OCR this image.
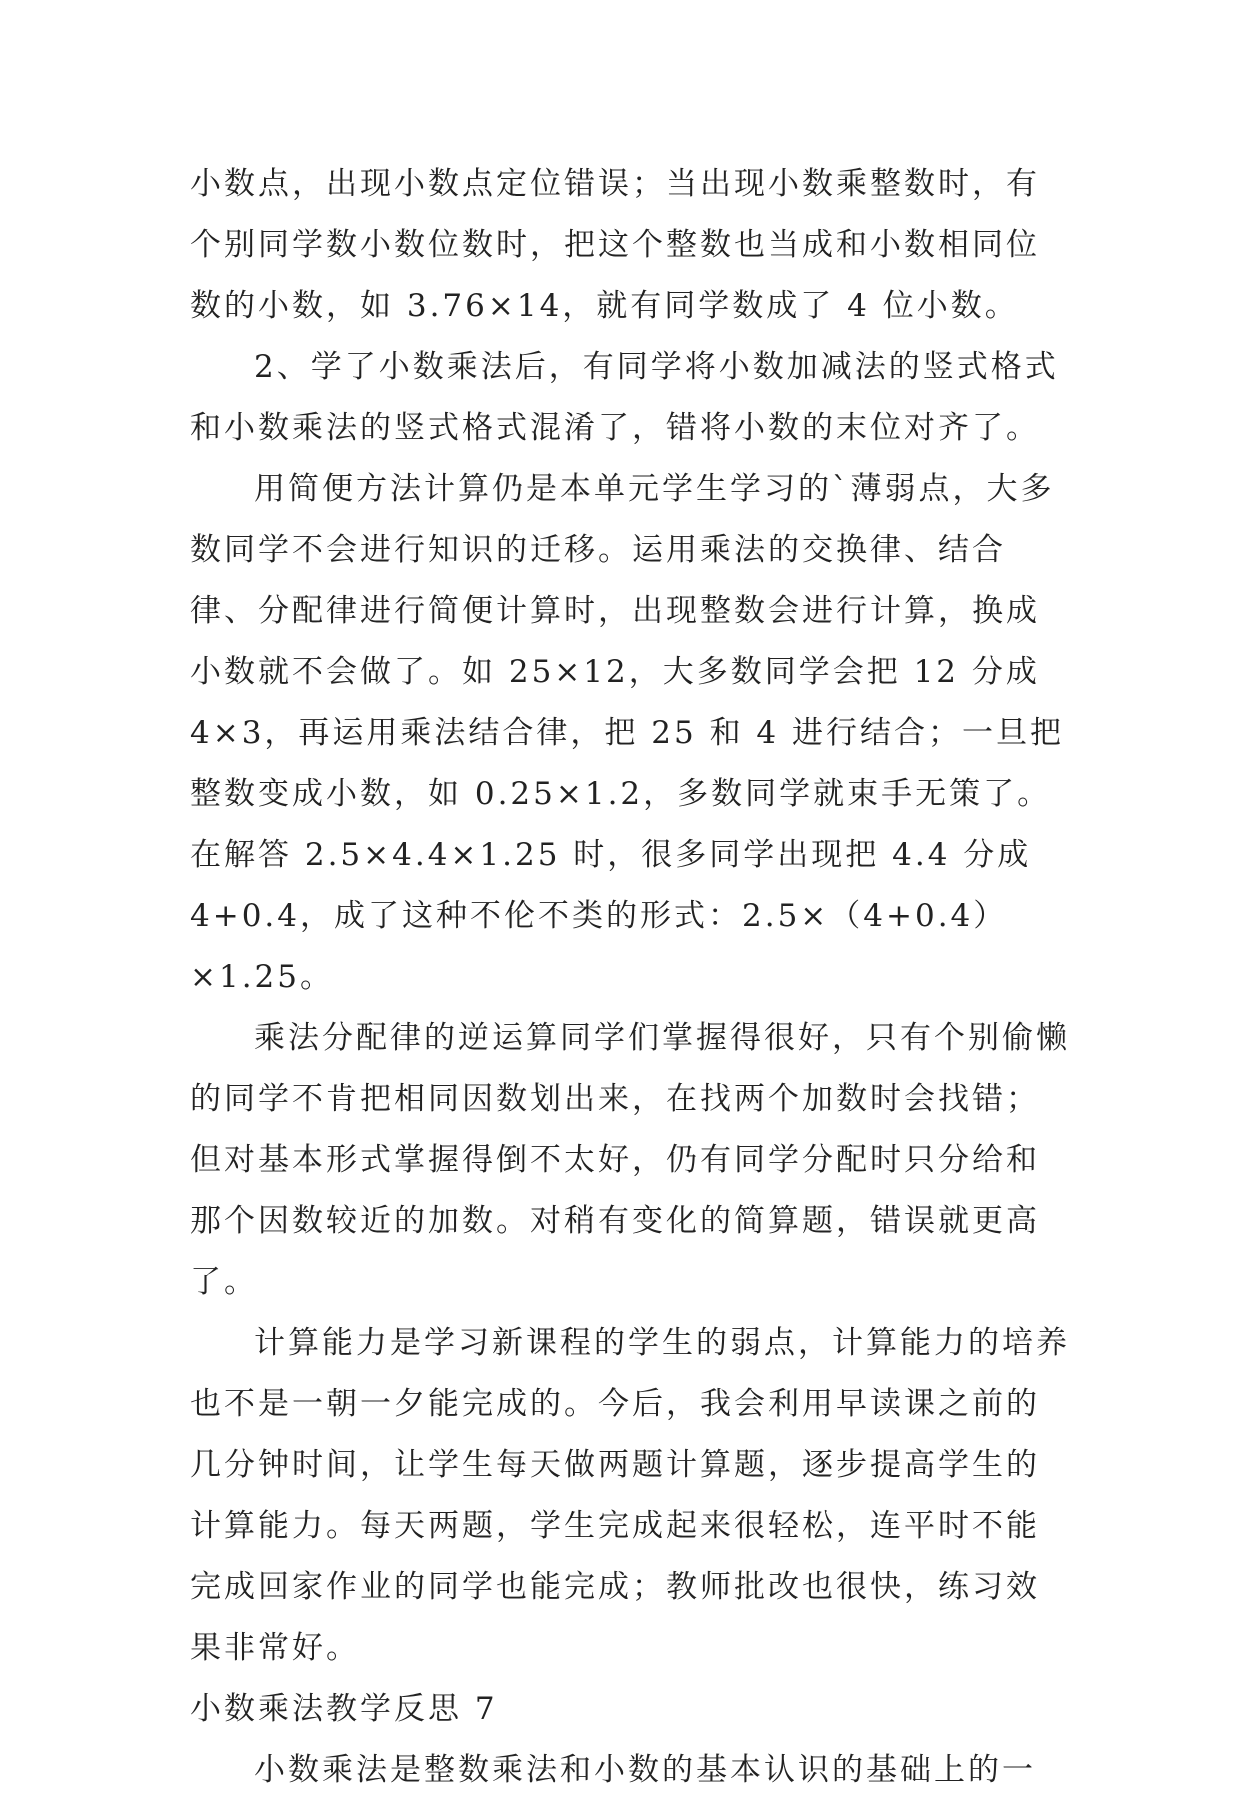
小数点，出现小数点定位错误；当出现小数乘整数时，有个别同学数小数位数时，把这个整数也当成和小数相同位数的小数，如 3.76×14，就有同学数成了 4 位小数。

2、学了小数乘法后，有同学将小数加减法的竖式格式和小数乘法的竖式格式混淆了，错将小数的末位对齐了。

用简便方法计算仍是本单元学生学习的`薄弱点，大多数同学不会进行知识的迁移。运用乘法的交换律、结合律、分配律进行简便计算时，出现整数会进行计算，换成小数就不会做了。如 25×12，大多数同学会把 12 分成 4×3，再运用乘法结合律，把 25 和 4 进行结合；一旦把整数变成小数，如 0.25×1.2，多数同学就束手无策了。在解答 2.5×4.4×1.25 时，很多同学出现把 4.4 分成 4+0.4，成了这种不伦不类的形式：2.5×（4+0.4）×1.25。

乘法分配律的逆运算同学们掌握得很好，只有个别偷懒的同学不肯把相同因数划出来，在找两个加数时会找错；但对基本形式掌握得倒不太好，仍有同学分配时只分给和那个因数较近的加数。对稍有变化的简算题，错误就更高了。

计算能力是学习新课程的学生的弱点，计算能力的培养也不是一朝一夕能完成的。今后，我会利用早读课之前的几分钟时间，让学生每天做两题计算题，逐步提高学生的计算能力。每天两题，学生完成起来很轻松，连平时不能完成回家作业的同学也能完成；教师批改也很快，练习效果非常好。

小数乘法教学反思 7

小数乘法是整数乘法和小数的基本认识的基础上的一
